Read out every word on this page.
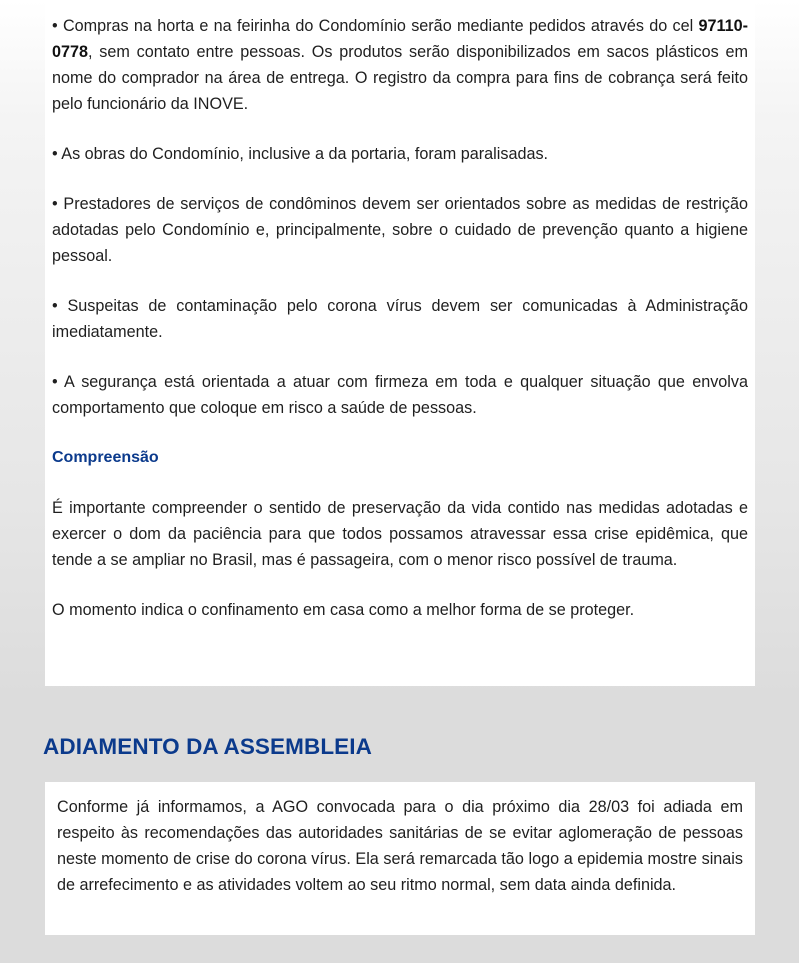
• Compras na horta e na feirinha do Condomínio serão mediante pedidos através do cel 97110-0778, sem contato entre pessoas. Os produtos serão disponibilizados em sacos plásticos em nome do comprador na área de entrega. O registro da compra para fins de cobrança será feito pelo funcionário da INOVE.

• As obras do Condomínio, inclusive a da portaria, foram paralisadas.

• Prestadores de serviços de condôminos devem ser orientados sobre as medidas de restrição adotadas pelo Condomínio e, principalmente, sobre o cuidado de prevenção quanto a higiene pessoal.

• Suspeitas de contaminação pelo corona vírus devem ser comunicadas à Administração imediatamente.

• A segurança está orientada a atuar com firmeza em toda e qualquer situação que envolva comportamento que coloque em risco a saúde de pessoas.

Compreensão

É importante compreender o sentido de preservação da vida contido nas medidas adotadas e exercer o dom da paciência para que todos possamos atravessar essa crise epidêmica, que tende a se ampliar no Brasil, mas é passageira, com o menor risco possível de trauma.

O momento indica o confinamento em casa como a melhor forma de se proteger.

ADIAMENTO DA ASSEMBLEIA

Conforme já informamos, a AGO convocada para o dia próximo dia 28/03 foi adiada em respeito às recomendações das autoridades sanitárias de se evitar aglomeração de pessoas neste momento de crise do corona vírus. Ela será remarcada tão logo a epidemia mostre sinais de arrefecimento e as atividades voltem ao seu ritmo normal, sem data ainda definida.
